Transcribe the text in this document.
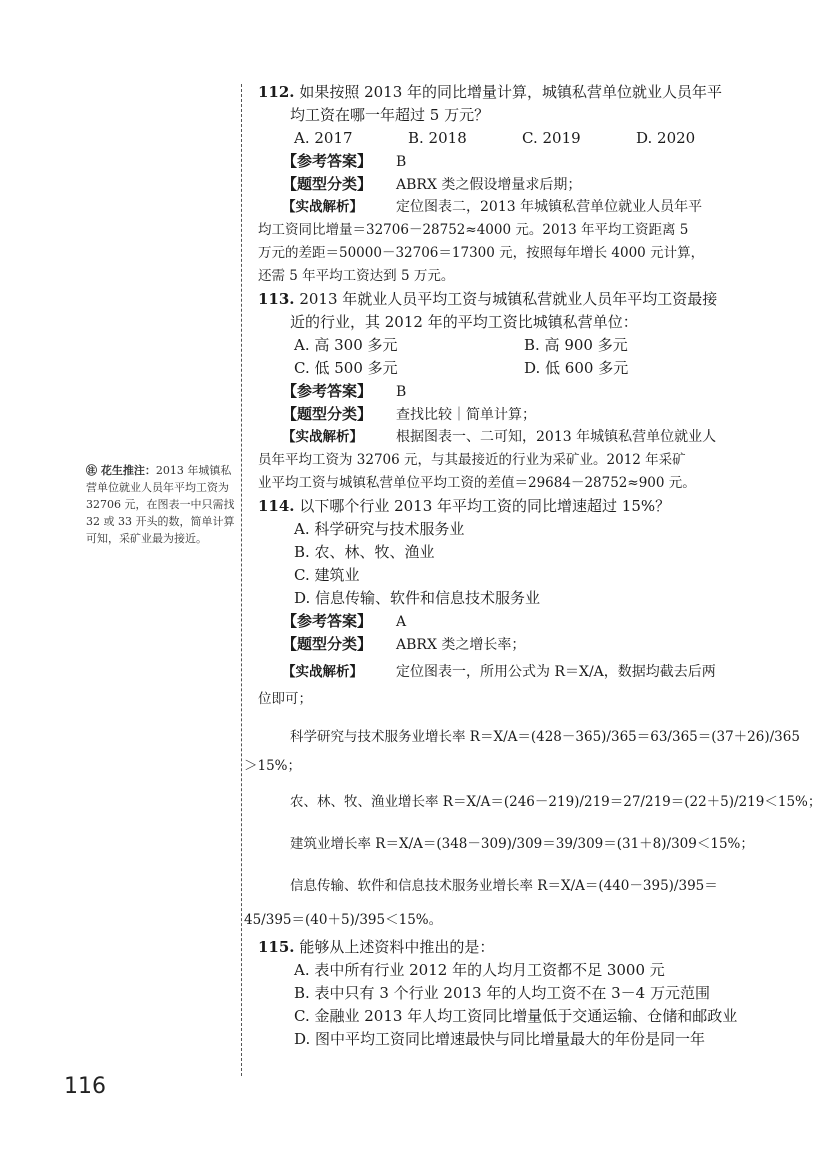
㊟ 花生推注：2013 年城镇私营单位就业人员年平均工资为 32706 元，在图表一中只需找 32 或 33 开头的数，简单计算可知，采矿业最为接近。
112. 如果按照 2013 年的同比增量计算，城镇私营单位就业人员年平
均工资在哪一年超过 5 万元？
A. 2017	B. 2018	C. 2019	D. 2020
【参考答案】 B
【题型分类】 ABRX 类之假设增量求后期；
【实战解析】 定位图表二，2013 年城镇私营单位就业人员年平
均工资同比增量＝32706－28752≈4000 元。2013 年平均工资距离 5
万元的差距＝50000－32706＝17300 元，按照每年增长 4000 元计算，
还需 5 年平均工资达到 5 万元。
113. 2013 年就业人员平均工资与城镇私营就业人员年平均工资最接
近的行业，其 2012 年的平均工资比城镇私营单位：
A. 高 300 多元	B. 高 900 多元
C. 低 500 多元	D. 低 600 多元
【参考答案】 B
【题型分类】 查找比较｜简单计算；
【实战解析】 根据图表一、二可知，2013 年城镇私营单位就业人
员年平均工资为 32706 元，与其最接近的行业为采矿业。2012 年采矿
业平均工资与城镇私营单位平均工资的差值＝29684－28752≈900 元。
114. 以下哪个行业 2013 年平均工资的同比增速超过 15%？
A. 科学研究与技术服务业
B. 农、林、牧、渔业
C. 建筑业
D. 信息传输、软件和信息技术服务业
【参考答案】 A
【题型分类】 ABRX 类之增长率；
【实战解析】 定位图表一，所用公式为 R＝X/A，数据均截去后两
位即可；
科学研究与技术服务业增长率 R＝X/A＝(428－365)/365＝63/365＝(37＋26)/365
＞15%；
农、林、牧、渔业增长率 R＝X/A＝(246－219)/219＝27/219＝(22＋5)/219＜15%；
建筑业增长率 R＝X/A＝(348－309)/309＝39/309＝(31＋8)/309＜15%；
信息传输、软件和信息技术服务业增长率 R＝X/A＝(440－395)/395＝
45/395＝(40＋5)/395＜15%。
115. 能够从上述资料中推出的是：
A. 表中所有行业 2012 年的人均月工资都不足 3000 元
B. 表中只有 3 个行业 2013 年的人均工资不在 3－4 万元范围
C. 金融业 2013 年人均工资同比增量低于交通运输、仓储和邮政业
D. 图中平均工资同比增速最快与同比增量最大的年份是同一年
116
